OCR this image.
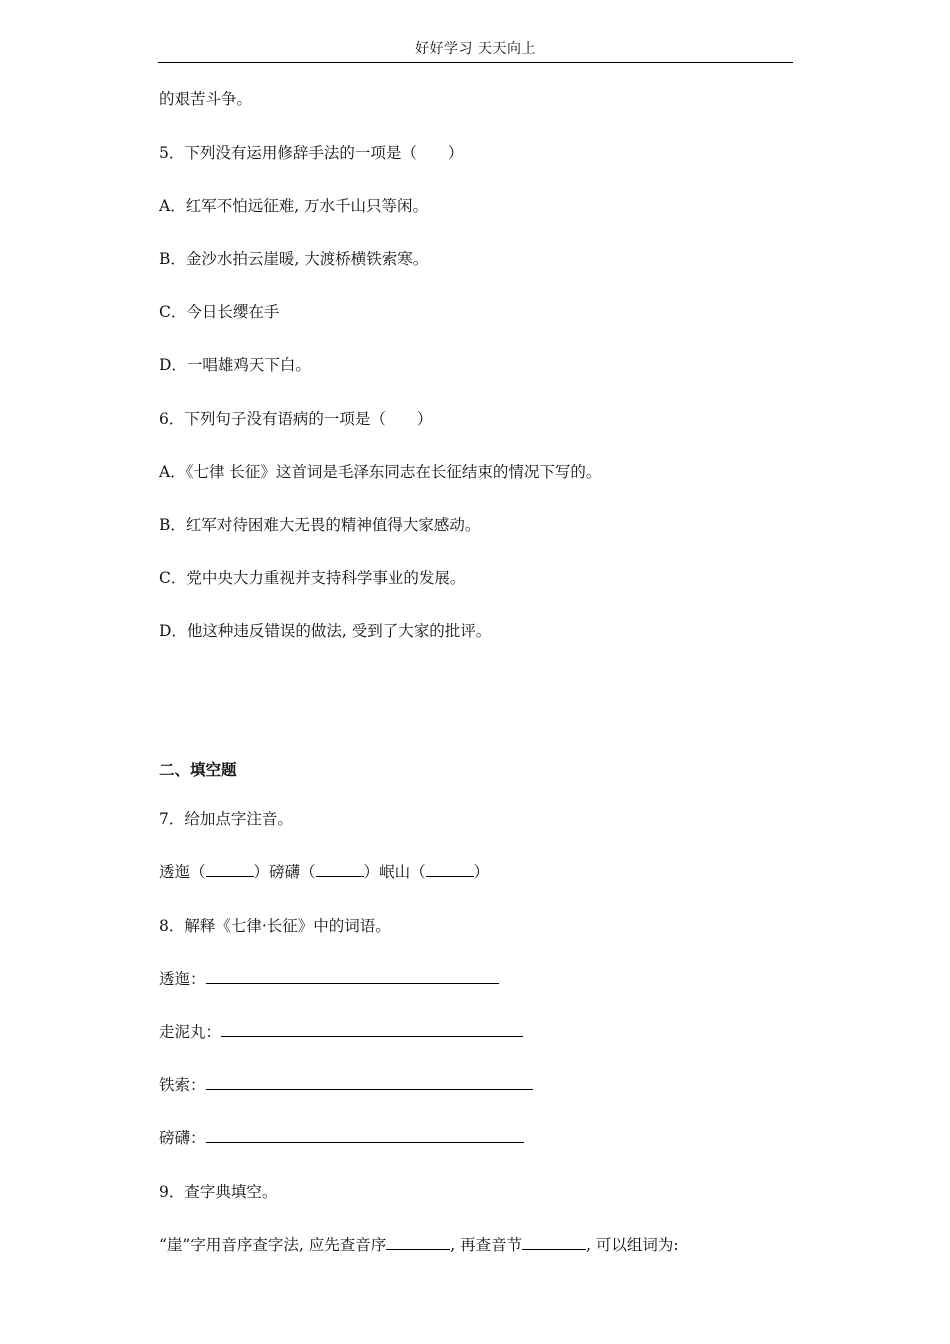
好好学习 天天向上
的艰苦斗争。
5．下列没有运用修辞手法的一项是（　　）
A．红军不怕远征难, 万水千山只等闲。
B．金沙水拍云崖暖, 大渡桥横铁索寒。
C．今日长缨在手
D．一唱雄鸡天下白。
6．下列句子没有语病的一项是（　　）
A．《七律 长征》这首词是毛泽东同志在长征结束的情况下写的。
B．红军对待困难大无畏的精神值得大家感动。
C．党中央大力重视并支持科学事业的发展。
D．他这种违反错误的做法, 受到了大家的批评。
二、填空题
7．给加点字注音。
透迤（	）磅礴（	）岷山（	）
8．解释《七律·长征》中的词语。
透迤：
走泥丸：
铁索：
磅礴：
9．查字典填空。
“崖”字用音序查字法, 应先查音序	, 再查音节	, 可以组词为:
